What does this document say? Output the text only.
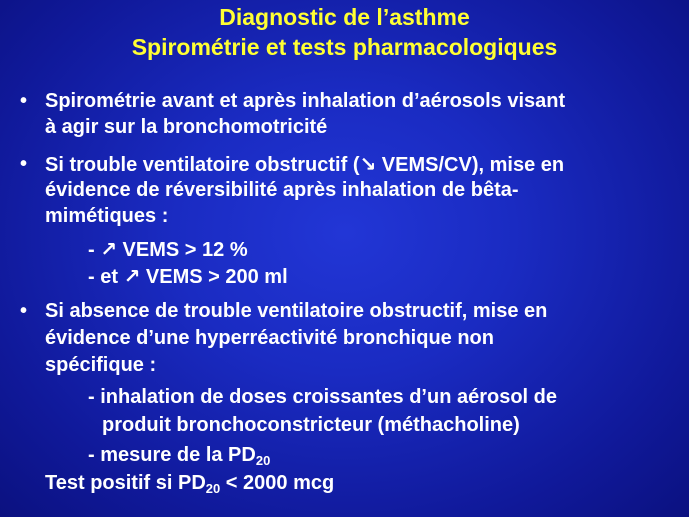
Diagnostic de l’asthme
Spirométrie et tests pharmacologiques
• Spirométrie avant et après inhalation d’aérosols visant
à agir sur la bronchomotricité
• Si trouble ventilatoire obstructif (↘ VEMS/CV), mise en
évidence de réversibilité après inhalation de bêta-
mimétiques :
- ↗ VEMS > 12 %
- et ↗ VEMS > 200 ml
• Si absence de trouble ventilatoire obstructif, mise en
évidence d’une hyperréactivité bronchique non
spécifique :
- inhalation de doses croissantes d’un aérosol de
produit bronchoconstricteur (méthacholine)
- mesure de la $PD_{20}$
Test positif si $PD_{20} < 2000$ mcg
